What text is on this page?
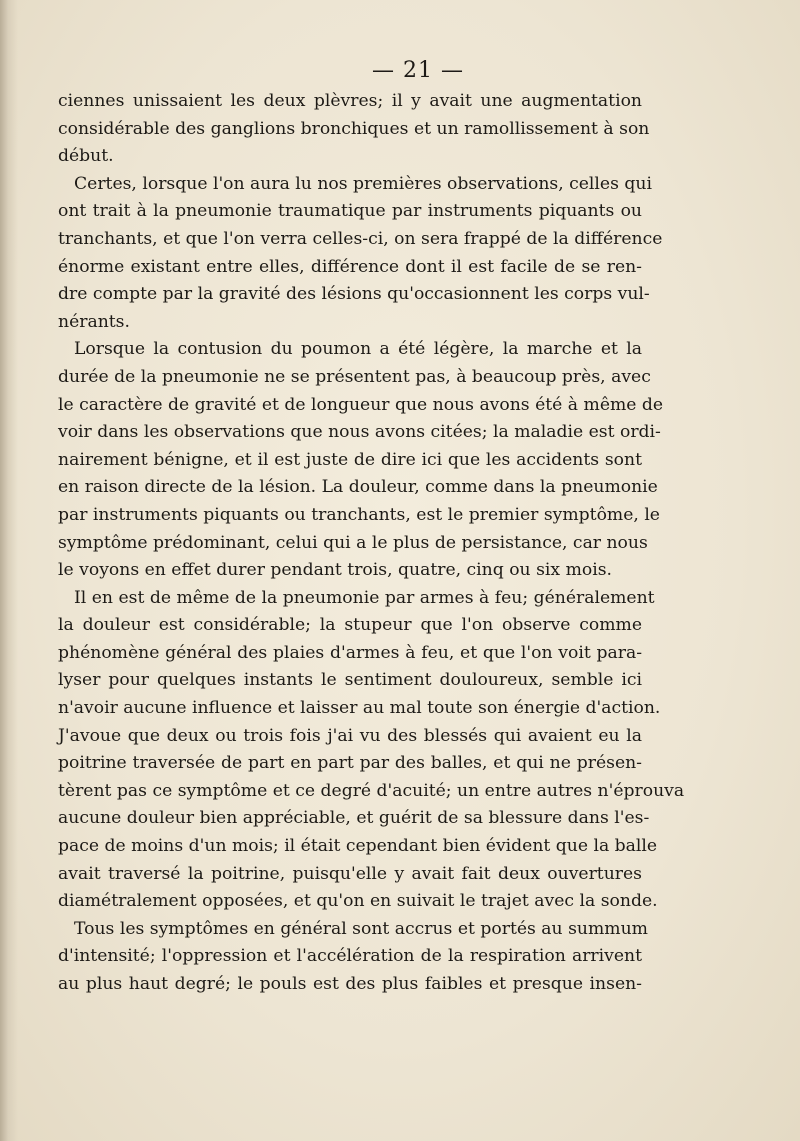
— 21 —
ciennes unissaient les deux plèvres; il y avait une augmentation
considérable des ganglions bronchiques et un ramollissement à son
début.
Certes, lorsque l'on aura lu nos premières observations, celles qui
ont trait à la pneumonie traumatique par instruments piquants ou
tranchants, et que l'on verra celles-ci, on sera frappé de la différence
énorme existant entre elles, différence dont il est facile de se ren-
dre compte par la gravité des lésions qu'occasionnent les corps vul-
nérants.
Lorsque la contusion du poumon a été légère, la marche et la
durée de la pneumonie ne se présentent pas, à beaucoup près, avec
le caractère de gravité et de longueur que nous avons été à même de
voir dans les observations que nous avons citées; la maladie est ordi-
nairement bénigne, et il est juste de dire ici que les accidents sont
en raison directe de la lésion. La douleur, comme dans la pneumonie
par instruments piquants ou tranchants, est le premier symptôme, le
symptôme prédominant, celui qui a le plus de persistance, car nous
le voyons en effet durer pendant trois, quatre, cinq ou six mois.
Il en est de même de la pneumonie par armes à feu; généralement
la douleur est considérable; la stupeur que l'on observe comme
phénomène général des plaies d'armes à feu, et que l'on voit para-
lyser pour quelques instants le sentiment douloureux, semble ici
n'avoir aucune influence et laisser au mal toute son énergie d'action.
J'avoue que deux ou trois fois j'ai vu des blessés qui avaient eu la
poitrine traversée de part en part par des balles, et qui ne présen-
tèrent pas ce symptôme et ce degré d'acuité; un entre autres n'éprouva
aucune douleur bien appréciable, et guérit de sa blessure dans l'es-
pace de moins d'un mois; il était cependant bien évident que la balle
avait traversé la poitrine, puisqu'elle y avait fait deux ouvertures
diamétralement opposées, et qu'on en suivait le trajet avec la sonde.
Tous les symptômes en général sont accrus et portés au summum
d'intensité; l'oppression et l'accélération de la respiration arrivent
au plus haut degré; le pouls est des plus faibles et presque insen-
